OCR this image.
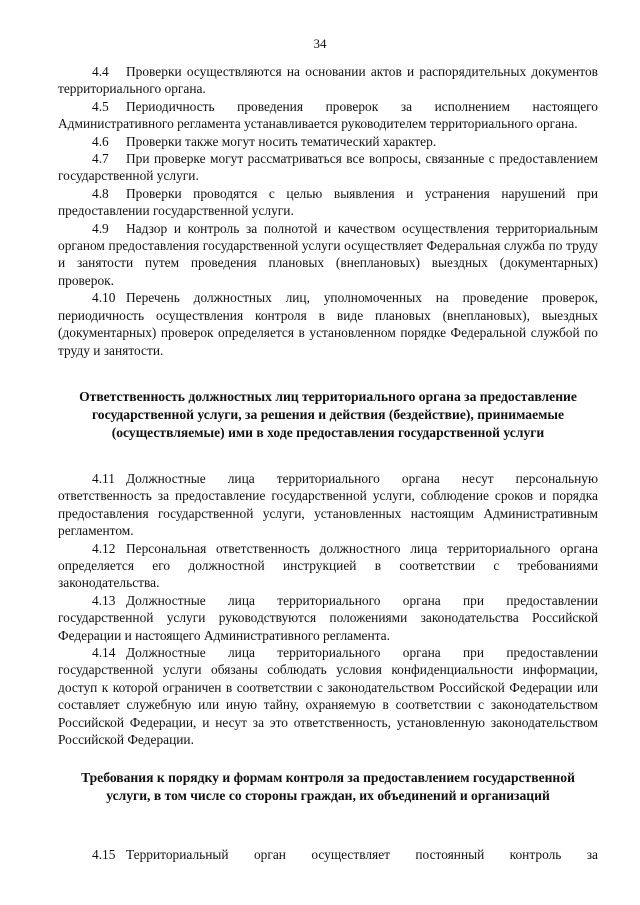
34

4.4 Проверки осуществляются на основании актов и распорядительных документов территориального органа.

4.5 Периодичность проведения проверок за исполнением настоящего Административного регламента устанавливается руководителем территориального органа.

4.6 Проверки также могут носить тематический характер.

4.7 При проверке могут рассматриваться все вопросы, связанные с предоставлением государственной услуги.

4.8 Проверки проводятся с целью выявления и устранения нарушений при предоставлении государственной услуги.

4.9 Надзор и контроль за полнотой и качеством осуществления территориальным органом предоставления государственной услуги осуществляет Федеральная служба по труду и занятости путем проведения плановых (внеплановых) выездных (документарных) проверок.

4.10 Перечень должностных лиц, уполномоченных на проведение проверок, периодичность осуществления контроля в виде плановых (внеплановых), выездных (документарных) проверок определяется в установленном порядке Федеральной службой по труду и занятости.

Ответственность должностных лиц территориального органа за предоставление государственной услуги, за решения и действия (бездействие), принимаемые (осуществляемые) ими в ходе предоставления государственной услуги

4.11 Должностные лица территориального органа несут персональную ответственность за предоставление государственной услуги, соблюдение сроков и порядка предоставления государственной услуги, установленных настоящим Административным регламентом.

4.12 Персональная ответственность должностного лица территориального органа определяется его должностной инструкцией в соответствии с требованиями законодательства.

4.13 Должностные лица территориального органа при предоставлении государственной услуги руководствуются положениями законодательства Российской Федерации и настоящего Административного регламента.

4.14 Должностные лица территориального органа при предоставлении государственной услуги обязаны соблюдать условия конфиденциальности информации, доступ к которой ограничен в соответствии с законодательством Российской Федерации или составляет служебную или иную тайну, охраняемую в соответствии с законодательством Российской Федерации, и несут за это ответственность, установленную законодательством Российской Федерации.

Требования к порядку и формам контроля за предоставлением государственной услуги, в том числе со стороны граждан, их объединений и организаций

4.15 Территориальный орган осуществляет постоянный контроль за
